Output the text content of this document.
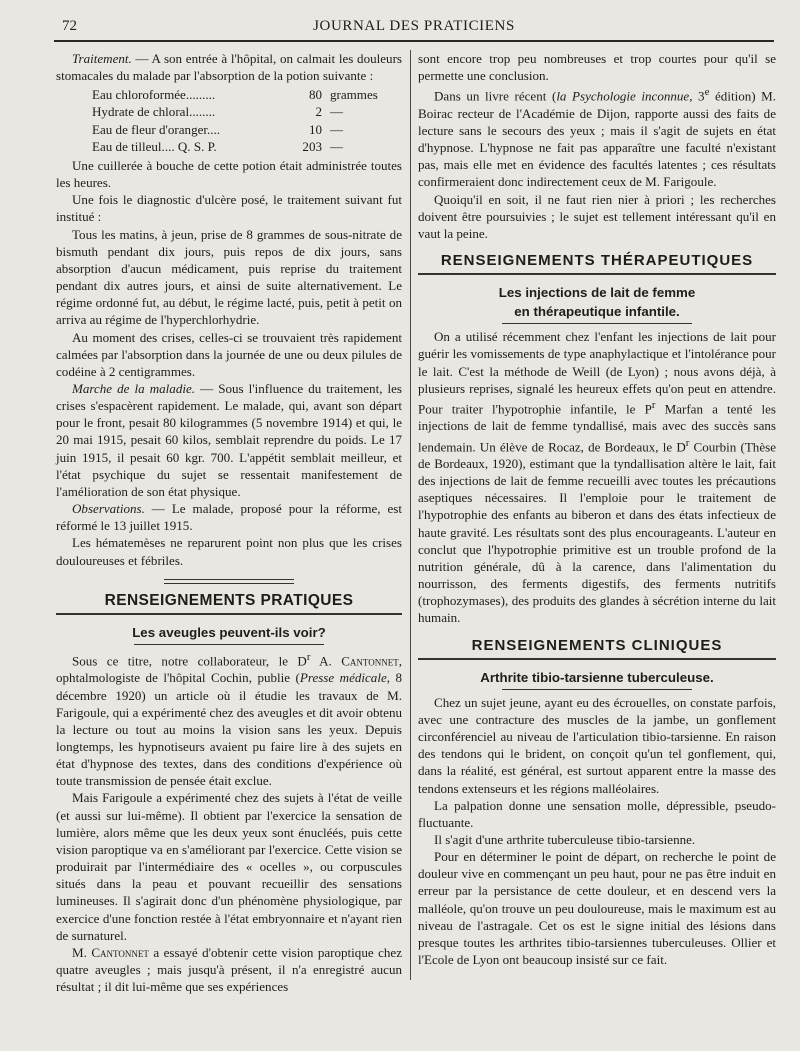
72	JOURNAL DES PRATICIENS

Traitement. — A son entrée à l'hôpital, on calmait les douleurs stomacales du malade par l'absorption de la potion suivante :

Eau chloroformée.........	80 grammes
Hydrate de chloral........	2 —
Eau de fleur d'oranger....	10 —
Eau de tilleul.... Q. S. P.	203 —

Une cuillerée à bouche de cette potion était administrée toutes les heures.

Une fois le diagnostic d'ulcère posé, le traitement suivant fut institué :

Tous les matins, à jeun, prise de 8 grammes de sous-nitrate de bismuth pendant dix jours, puis repos de dix jours, sans absorption d'aucun médicament, puis reprise du traitement pendant dix autres jours, et ainsi de suite alternativement. Le régime ordonné fut, au début, le régime lacté, puis, petit à petit on arriva au régime de l'hyperchlorhydrie.

Au moment des crises, celles-ci se trouvaient très rapidement calmées par l'absorption dans la journée de une ou deux pilules de codéine à 2 centigrammes.

Marche de la maladie. — Sous l'influence du traitement, les crises s'espacèrent rapidement. Le malade, qui, avant son départ pour le front, pesait 80 kilogrammes (5 novembre 1914) et qui, le 20 mai 1915, pesait 60 kilos, semblait reprendre du poids. Le 17 juin 1915, il pesait 60 kgr. 700. L'appétit semblait meilleur, et l'état psychique du sujet se ressentait manifestement de l'amélioration de son état physique.

Observations. — Le malade, proposé pour la réforme, est réformé le 13 juillet 1915.

Les hématemèses ne reparurent point non plus que les crises douloureuses et fébriles.

RENSEIGNEMENTS PRATIQUES
Les aveugles peuvent-ils voir?

Sous ce titre, notre collaborateur, le $D^r$ A. Cantonnet, ophtalmologiste de l'hôpital Cochin, publie (Presse médicale, 8 décembre 1920) un article où il étudie les travaux de M. Farigoule, qui a expérimenté chez des aveugles et dit avoir obtenu la lecture ou tout au moins la vision sans les yeux. Depuis longtemps, les hypnotiseurs avaient pu faire lire à des sujets en état d'hypnose des textes, dans des conditions d'expérience où toute transmission de pensée était exclue.

Mais Farigoule a expérimenté chez des sujets à l'état de veille (et aussi sur lui-même). Il obtient par l'exercice la sensation de lumière, alors même que les deux yeux sont énucléés, puis cette vision paroptique va en s'améliorant par l'exercice. Cette vision se produirait par l'intermédiaire des « ocelles », ou corpuscules situés dans la peau et pouvant recueillir des sensations lumineuses. Il s'agirait donc d'un phénomène physiologique, par exercice d'une fonction restée à l'état embryonnaire et n'ayant rien de surnaturel.

M. Cantonnet a essayé d'obtenir cette vision paroptique chez quatre aveugles ; mais jusqu'à présent, il n'a enregistré aucun résultat ; il dit lui-même que ses expériences

sont encore trop peu nombreuses et trop courtes pour qu'il se permette une conclusion.

Dans un livre récent (la Psychologie inconnue, 3e édition) M. Boirac recteur de l'Académie de Dijon, rapporte aussi des faits de lecture sans le secours des yeux ; mais il s'agit de sujets en état d'hypnose. L'hypnose ne fait pas apparaître une faculté n'existant pas, mais elle met en évidence des facultés latentes ; ces résultats confirmeraient donc indirectement ceux de M. Farigoule.

Quoiqu'il en soit, il ne faut rien nier à priori ; les recherches doivent être poursuivies ; le sujet est tellement intéressant qu'il en vaut la peine.

RENSEIGNEMENTS THÉRAPEUTIQUES
Les injections de lait de femme
en thérapeutique infantile.

On a utilisé récemment chez l'enfant les injections de lait pour guérir les vomissements de type anaphylactique et l'intolérance pour le lait. C'est la méthode de Weill (de Lyon) ; nous avons déjà, à plusieurs reprises, signalé les heureux effets qu'on peut en attendre. Pour traiter l'hypotrophie infantile, le $P^r$ Marfan a tenté les injections de lait de femme tyndallisé, mais avec des succès sans lendemain. Un élève de Rocaz, de Bordeaux, le $D^r$ Courbin (Thèse de Bordeaux, 1920), estimant que la tyndallisation altère le lait, fait des injections de lait de femme recueilli avec toutes les précautions aseptiques nécessaires. Il l'emploie pour le traitement de l'hypotrophie des enfants au biberon et dans des états infectieux de haute gravité. Les résultats sont des plus encourageants. L'auteur en conclut que l'hypotrophie primitive est un trouble profond de la nutrition générale, dû à la carence, dans l'alimentation du nourrisson, des ferments digestifs, des ferments nutritifs (trophozymases), des produits des glandes à sécrétion interne du lait humain.

RENSEIGNEMENTS CLINIQUES
Arthrite tibio-tarsienne tuberculeuse.

Chez un sujet jeune, ayant eu des écrouelles, on constate parfois, avec une contracture des muscles de la jambe, un gonflement circonférenciel au niveau de l'articulation tibio-tarsienne. En raison des tendons qui le brident, on conçoit qu'un tel gonflement, qui, dans la réalité, est général, est surtout apparent entre la masse des tendons extenseurs et les régions malléolaires.

La palpation donne une sensation molle, dépressible, pseudo-fluctuante.

Il s'agit d'une arthrite tuberculeuse tibio-tarsienne.

Pour en déterminer le point de départ, on recherche le point de douleur vive en commençant un peu haut, pour ne pas être induit en erreur par la persistance de cette douleur, et en descend vers la malléole, qu'on trouve un peu douloureuse, mais le maximum est au niveau de l'astragale. Cet os est le signe initial des lésions dans presque toutes les arthrites tibio-tarsiennes tuberculeuses. Ollier et l'Ecole de Lyon ont beaucoup insisté sur ce fait.
